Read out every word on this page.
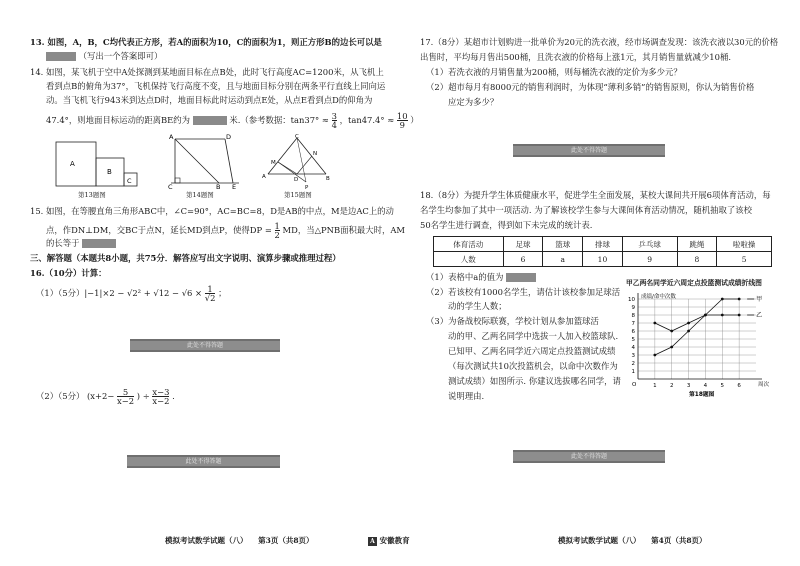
13. 如图，A，B，C均代表正方形，若A的面积为10，C的面积为1，则正方形B的边长可以是
（写出一个答案即可）
14. 如图，某飞机于空中A处探测到某地面目标在点B处，此时飞行高度AC=1200米，从飞机上
看到点B的俯角为37°，飞机保持飞行高度不变，且与地面目标分别在两条平行直线上同向运
动。当飞机飞行943米到达点D时，地面目标此时运动到点E处，从点E看到点D的仰角为
47.4°，则地面目标运动的距离BE约为	米.（参考数据：$\tan 37^\circ \approx \frac{3}{4}$ ，$\tan 47.4^\circ \approx \frac{10}{9}$ ）
A
B
C
第13题图
A	D
C	B E
第14题图
C
M
N
A	B
D
P
第15题图
15. 如图，在等腰直角三角形ABC中，∠C=90°，AC=BC=8，D是AB的中点，M是边AC上的动
点，作DN⊥DM，交BC于点N，延长MD到点P，使得DP = $\frac{1}{2}$ MD，当△PNB面积最大时，AM
的长等于
三、解答题（本题共8小题，共75分．解答应写出文字说明、演算步骤或推理过程）
16.（10分）计算：
（1）（5分）$|-1|\times 2 - √2^2 + √12 - √6 \times \frac{1}{√2}$ ；
此处不得答题
（2）（5分） ($x+2- \frac{5}{x-2}$ ) ÷ $\frac{x-3}{x-2}$ .
此处不得答题
模拟考试数学试题（八） 第3页（共8页）	A 安徽教育
17.（8分）某超市计划购进一批单价为20元的洗衣液，经市场调查发现：该洗衣液以30元的价格
出售时，平均每月售出500桶，且洗衣液的价格每上涨1元，其月销售量就减少10桶.
（1）若洗衣液的月销售量为200桶，则每桶洗衣液的定价为多少元？
（2）超市每月有8000元的销售利润时，为体现“薄利多销”的销售原则，你认为销售价格
应定为多少？
此处不得答题
18.（8分）为提升学生体质健康水平，促进学生全面发展，某校大课间共开展6项体育活动，每
名学生均参加了其中一项活动. 为了解该校学生参与大课间体育活动情况，随机抽取了该校
50名学生进行调查，得到如下未完成的统计表.
体育活动	足球	篮球	排球	乒乓球	跳绳	啦啦操
人数	6	a	10	9	8	5
（1）表格中a的值为
（2）若该校有1000名学生，请估计该校参加足球活
动的学生人数；
（3）为备战校际联赛，学校计划从参加篮球活
动的甲、乙两名同学中选拔一人加入校篮球队.
已知甲、乙两名同学近六周定点投篮测试成绩
（每次测试共10次投篮机会，以命中次数作为
测试成绩）如图所示. 你建议选拔哪名同学，请
说明理由.
甲乙两名同学近六周定点投篮测试成绩折线图
1
2
3
4
5
6
7
8
9
10
1 2 3 4 5 6
O
成绩/命中次数
周次
第18题图
甲
乙
此处不得答题
模拟考试数学试题（八） 第4页（共8页）
